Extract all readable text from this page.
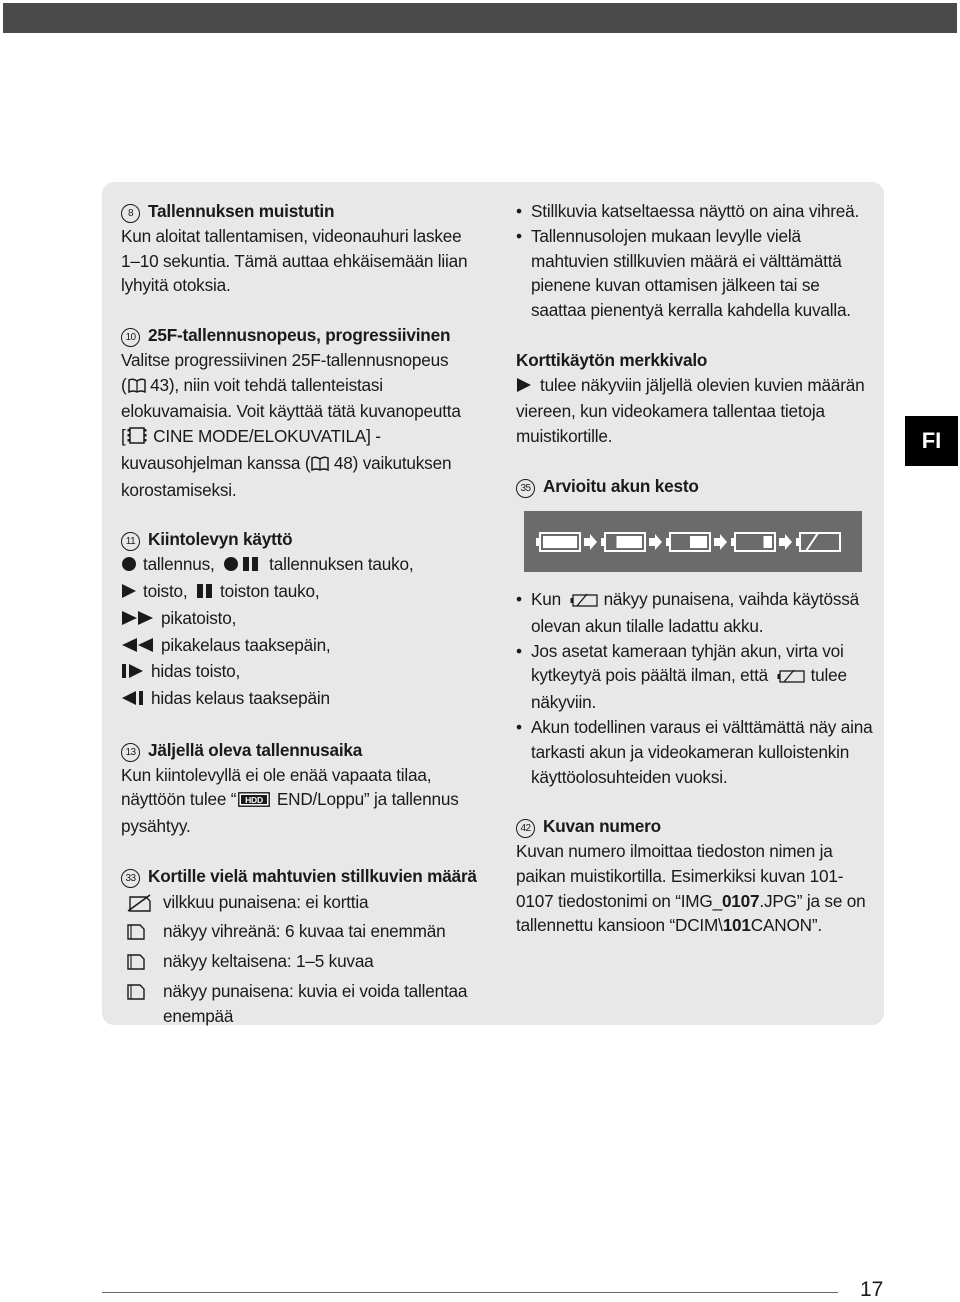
8 Tallennuksen muistutin
Kun aloitat tallentamisen, videonauhuri laskee
1–10 sekuntia. Tämä auttaa ehkäisemään liian
lyhyitä otoksia.
10 25F-tallennusnopeus, progressiivinen
Valitse progressiivinen 25F-tallennusnopeus
( 43), niin voit tehdä tallenteistasi
elokuvamaisia. Voit käyttää tätä kuvanopeutta
[ CINE MODE/ELOKUVATILA] -
kuvausohjelman kanssa ( 48) vaikutuksen
korostamiseksi.
11 Kiintolevyn käyttö
tallennus,	tallennuksen tauko,
toisto, toiston tauko,
pikatoisto,
pikakelaus taaksepäin,
hidas toisto,
hidas kelaus taaksepäin
13 Jäljellä oleva tallennusaika
Kun kiintolevyllä ei ole enää vapaata tilaa,
näyttöön tulee “ HDD END/Loppu” ja tallennus
pysähtyy.
33 Kortille vielä mahtuvien stillkuvien määrä
vilkkuu punaisena: ei korttia
näkyy vihreänä: 6 kuvaa tai enemmän
näkyy keltaisena: 1–5 kuvaa
näkyy punaisena: kuvia ei voida tallentaa enempää
• Stillkuvia katseltaessa näyttö on aina vihreä.
• Tallennusolojen mukaan levylle vielä mahtuvien stillkuvien määrä ei välttämättä pienene kuvan ottamisen jälkeen tai se saattaa pienentyä kerralla kahdella kuvalla.
Korttikäytön merkkivalo
tulee näkyviin jäljellä olevien kuvien määrän viereen, kun videokamera tallentaa tietoja muistikortille.
35 Arvioitu akun kesto
• Kun näkyy punaisena, vaihda käytössä olevan akun tilalle ladattu akku.
• Jos asetat kameraan tyhjän akun, virta voi kytkeytyä pois päältä ilman, että tulee näkyviin.
• Akun todellinen varaus ei välttämättä näy aina tarkasti akun ja videokameran kulloistenkin käyttöolosuhteiden vuoksi.
42 Kuvan numero
Kuvan numero ilmoittaa tiedoston nimen ja
paikan muistikortilla. Esimerkiksi kuvan 101-
0107 tiedostonimi on “IMG_0107.JPG” ja se on
tallennettu kansioon “DCIM\101CANON”.
FI
17
